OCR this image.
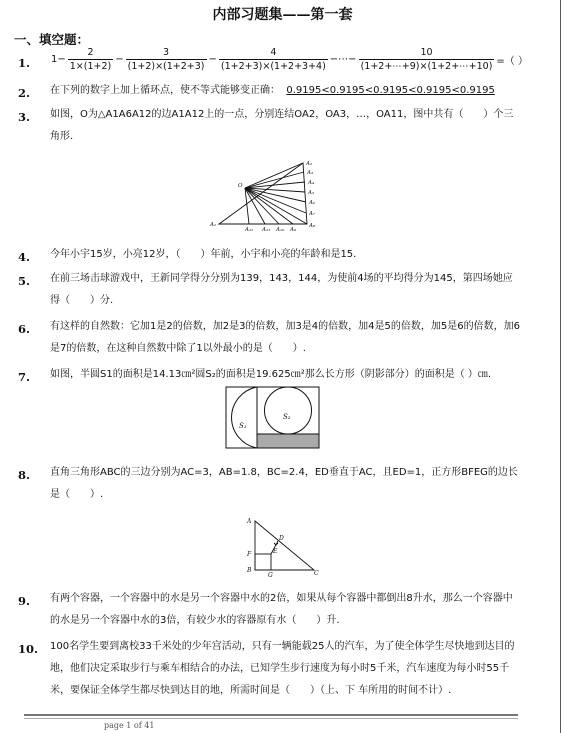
内部习题集——第一套
一、填空题：
1. $1- \frac{2}{1\times(1+2)} - \frac{3}{(1+2)\times(1+2+3)} - \frac{4}{(1+2+3)\times(1+2+3+4)}$ −⋯− $\frac{10}{(1+2+\cdots+9)\times(1+2+\cdots+10)}$ =（ ）
2. 在下列的数字上加上循环点，使不等式能够变正确： 0.9195<0.9195<0.9195<0.9195<0.9195
3. 如图，O为△A1A6A12的边A1A12上的一点，分别连结OA2，OA3，…，OA11，图中共有（　　）个三角形.
O
A₁
A₂
A₃
A₄
A₅
A₆
A₇
A₈
A₉
A₁₀
A₁₁
A₁₂
4. 今年小宇15岁，小亮12岁，（　　）年前，小宇和小亮的年龄和是15.
5. 在前三场击球游戏中，王新同学得分分别为139，143，144，为使前4场的平均得分为145，第四场她应得（　　）分.
6. 有这样的自然数：它加1是2的倍数，加2是3的倍数，加3是4的倍数，加4是5的倍数，加5是6的倍数，加6是7的倍数，在这种自然数中除了1以外最小的是（　　）.
7. 如图，半圆S1的面积是14.13㎝²圆S₂的面积是19.625㎝²那么长方形（阴影部分）的面积是（ ）㎝.
S₁
S₂
8. 直角三角形ABC的三边分别为AC=3，AB=1.8，BC=2.4，ED垂直于AC，且ED=1，正方形BFEG的边长是（　　）.
A
B	C
D
E
F
G
9. 有两个容器，一个容器中的水是另一个容器中水的2倍，如果从每个容器中都倒出8升水，那么一个容器中的水是另一个容器中水的3倍，有较少水的容器原有水（　　）升.
10. 100名学生要到离校33千米处的少年宫活动，只有一辆能载25人的汽车，为了使全体学生尽快地到达目的地，他们决定采取步行与乘车相结合的办法，已知学生步行速度为每小时5千米，汽车速度为每小时55千米，要保证全体学生都尽快到达目的地，所需时间是（　　）（上、下 车所用的时间不计）.
page 1 of 41
